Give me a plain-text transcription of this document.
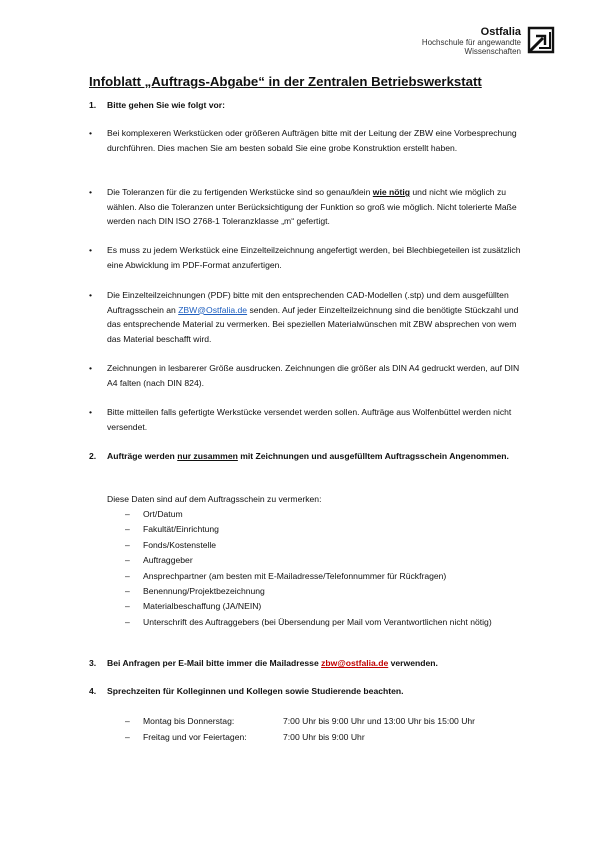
Ostfalia
Hochschule für angewandte
Wissenschaften
Infoblatt „Auftrags-Abgabe“ in der Zentralen Betriebswerkstatt
1. Bitte gehen Sie wie folgt vor:
• Bei komplexeren Werkstücken oder größeren Aufträgen bitte mit der Leitung der ZBW eine Vorbesprechung durchführen. Dies machen Sie am besten sobald Sie eine grobe Konstruktion erstellt haben.
• Die Toleranzen für die zu fertigenden Werkstücke sind so genau/klein wie nötig und nicht wie möglich zu wählen. Also die Toleranzen unter Berücksichtigung der Funktion so groß wie möglich. Nicht tolerierte Maße werden nach DIN ISO 2768-1 Toleranzklasse „m“ gefertigt.
• Es muss zu jedem Werkstück eine Einzelteilzeichnung angefertigt werden, bei Blechbiegeteilen ist zusätzlich eine Abwicklung im PDF-Format anzufertigen.
• Die Einzelteilzeichnungen (PDF) bitte mit den entsprechenden CAD-Modellen (.stp) und dem ausgefüllten Auftragsschein an ZBW@Ostfalia.de senden. Auf jeder Einzelteilzeichnung sind die benötigte Stückzahl und das entsprechende Material zu vermerken. Bei speziellen Materialwünschen mit ZBW absprechen von wem das Material beschafft wird.
• Zeichnungen in lesbarerer Größe ausdrucken. Zeichnungen die größer als DIN A4 gedruckt werden, auf DIN A4 falten (nach DIN 824).
• Bitte mitteilen falls gefertigte Werkstücke versendet werden sollen. Aufträge aus Wolfenbüttel werden nicht versendet.
2. Aufträge werden nur zusammen mit Zeichnungen und ausgefülltem Auftragsschein Angenommen.
Diese Daten sind auf dem Auftragsschein zu vermerken:
– Ort/Datum
– Fakultät/Einrichtung
– Fonds/Kostenstelle
– Auftraggeber
– Ansprechpartner (am besten mit E-Mailadresse/Telefonnummer für Rückfragen)
– Benennung/Projektbezeichnung
– Materialbeschaffung (JA/NEIN)
– Unterschrift des Auftraggebers (bei Übersendung per Mail vom Verantwortlichen nicht nötig)
3. Bei Anfragen per E-Mail bitte immer die Mailadresse zbw@ostfalia.de verwenden.
4. Sprechzeiten für Kolleginnen und Kollegen sowie Studierende beachten.
– Montag bis Donnerstag:	7:00 Uhr bis 9:00 Uhr und 13:00 Uhr bis 15:00 Uhr
– Freitag und vor Feiertagen:	7:00 Uhr bis 9:00 Uhr
